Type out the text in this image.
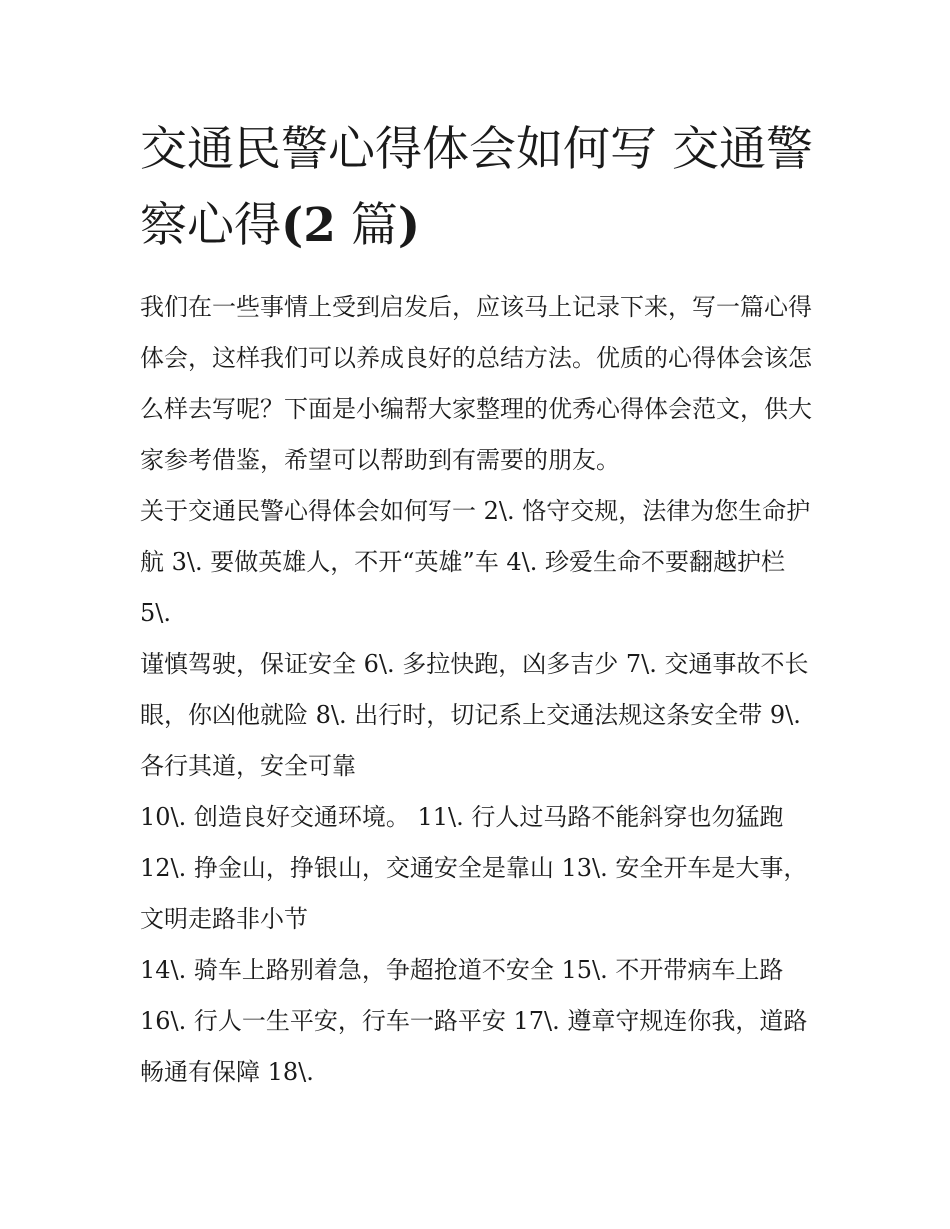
交通民警心得体会如何写 交通警察心得(2 篇)

我们在一些事情上受到启发后，应该马上记录下来，写一篇心得体会，这样我们可以养成良好的总结方法。优质的心得体会该怎么样去写呢？下面是小编帮大家整理的优秀心得体会范文，供大家参考借鉴，希望可以帮助到有需要的朋友。

关于交通民警心得体会如何写一 2\. 恪守交规，法律为您生命护航 3\. 要做英雄人，不开“英雄”车 4\. 珍爱生命不要翻越护栏 5\.

谨慎驾驶，保证安全 6\. 多拉快跑，凶多吉少 7\. 交通事故不长眼，你凶他就险 8\. 出行时，切记系上交通法规这条安全带 9\. 各行其道，安全可靠

10\. 创造良好交通环境。 11\. 行人过马路不能斜穿也勿猛跑

12\. 挣金山，挣银山，交通安全是靠山 13\. 安全开车是大事，文明走路非小节

14\. 骑车上路别着急，争超抢道不安全 15\. 不开带病车上路

16\. 行人一生平安，行车一路平安 17\. 遵章守规连你我，道路畅通有保障 18\.
